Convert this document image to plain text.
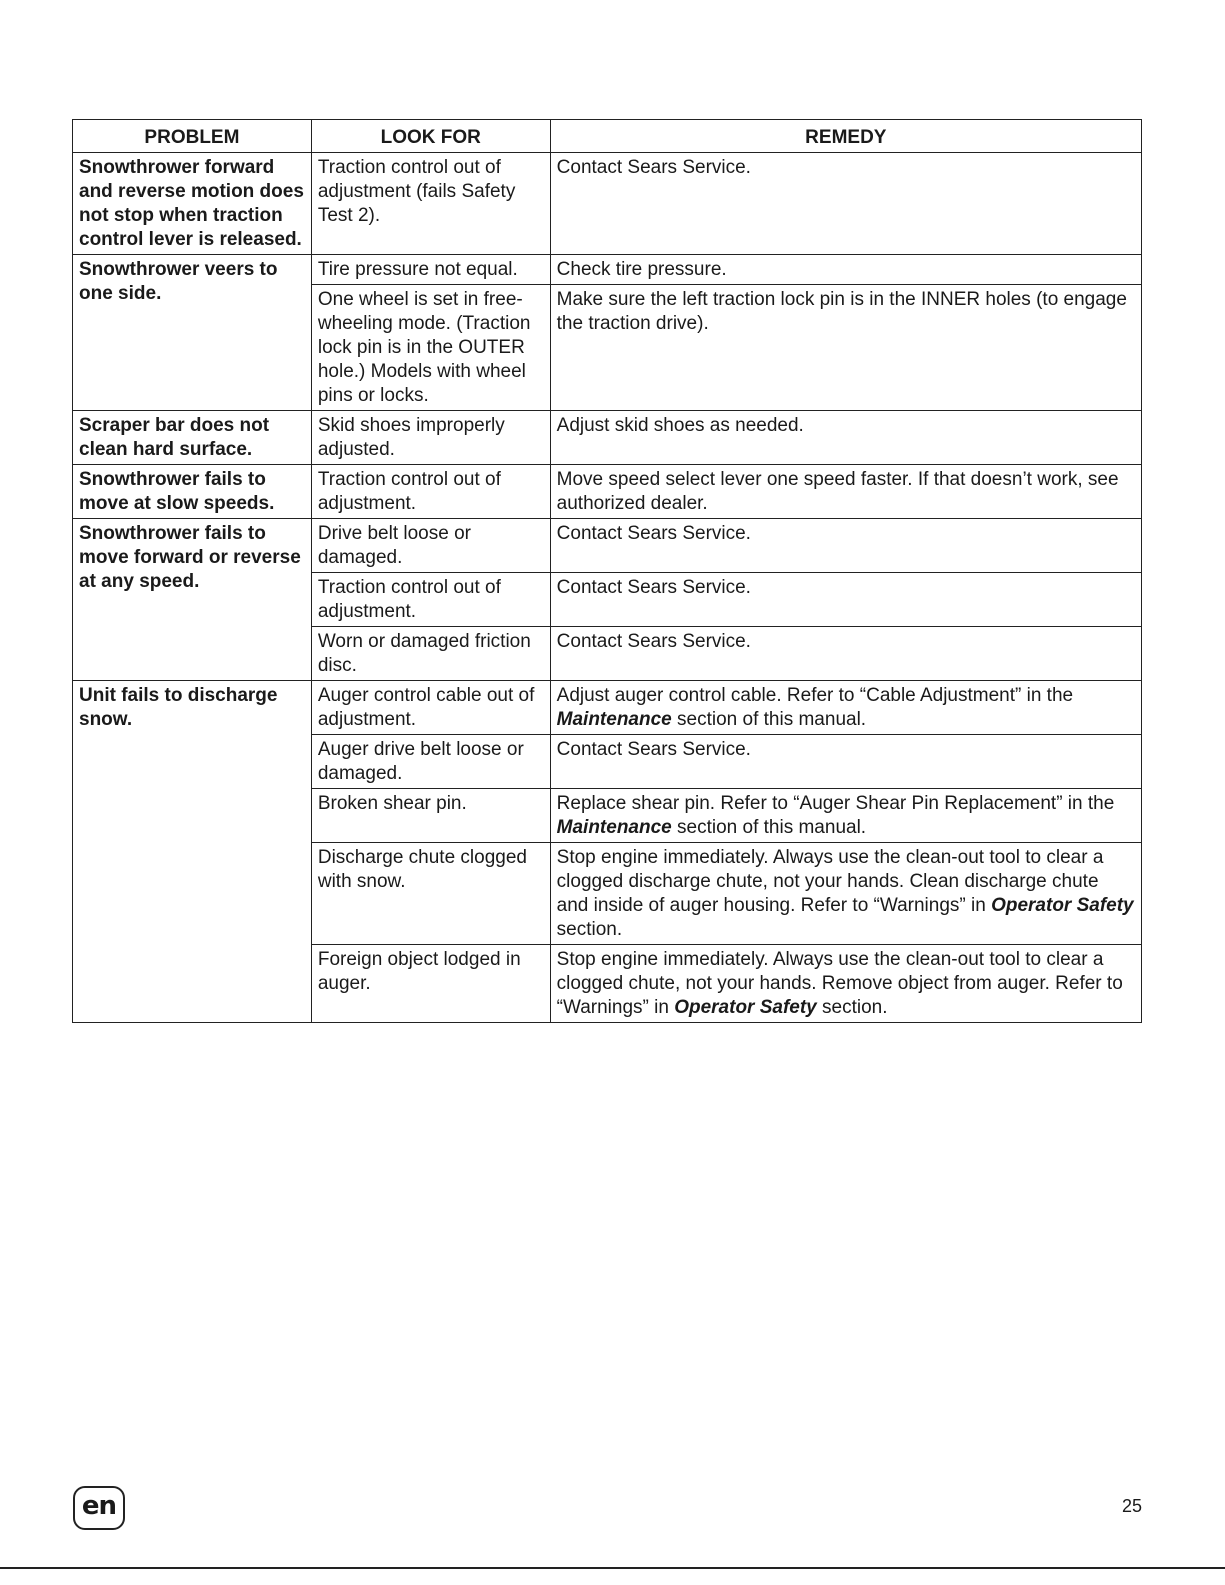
PROBLEM	LOOK FOR	REMEDY
Snowthrower forward and reverse motion does not stop when traction control lever is released.	Traction control out of adjustment (fails Safety Test 2).	Contact Sears Service.
Snowthrower veers to one side.	Tire pressure not equal.	Check tire pressure.
	One wheel is set in free-wheeling mode. (Traction lock pin is in the OUTER hole.) Models with wheel pins or locks.	Make sure the left traction lock pin is in the INNER holes (to engage the traction drive).
Scraper bar does not clean hard surface.	Skid shoes improperly adjusted.	Adjust skid shoes as needed.
Snowthrower fails to move at slow speeds.	Traction control out of adjustment.	Move speed select lever one speed faster. If that doesn’t work, see authorized dealer.
Snowthrower fails to move forward or reverse at any speed.	Drive belt loose or damaged.	Contact Sears Service.
	Traction control out of adjustment.	Contact Sears Service.
	Worn or damaged friction disc.	Contact Sears Service.
Unit fails to discharge snow.	Auger control cable out of adjustment.	Adjust auger control cable. Refer to “Cable Adjustment” in the Maintenance section of this manual.
	Auger drive belt loose or damaged.	Contact Sears Service.
	Broken shear pin.	Replace shear pin. Refer to “Auger Shear Pin Replacement” in the Maintenance section of this manual.
	Discharge chute clogged with snow.	Stop engine immediately. Always use the clean-out tool to clear a clogged discharge chute, not your hands. Clean discharge chute and inside of auger housing. Refer to “Warnings” in Operator Safety section.
	Foreign object lodged in auger.	Stop engine immediately. Always use the clean-out tool to clear a clogged chute, not your hands. Remove object from auger. Refer to “Warnings” in Operator Safety section.
en	25
